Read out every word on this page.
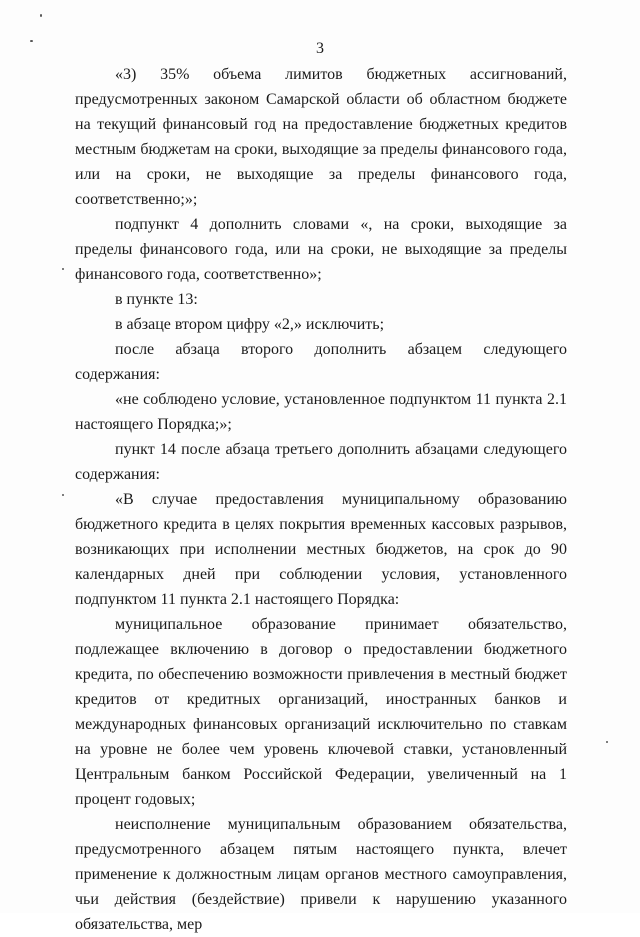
3

«3) 35% объема лимитов бюджетных ассигнований, предусмотренных законом Самарской области об областном бюджете на текущий финансовый год на предоставление бюджетных кредитов местным бюджетам на сроки, выходящие за пределы финансового года, или на сроки, не выходящие за пределы финансового года, соответственно;»;

подпункт 4 дополнить словами «, на сроки, выходящие за пределы финансового года, или на сроки, не выходящие за пределы финансового года, соответственно»;

в пункте 13:

в абзаце втором цифру «2,» исключить;

после абзаца второго дополнить абзацем следующего содержания:

«не соблюдено условие, установленное подпунктом 11 пункта 2.1 настоящего Порядка;»;

пункт 14 после абзаца третьего дополнить абзацами следующего содержания:

«В случае предоставления муниципальному образованию бюджетного кредита в целях покрытия временных кассовых разрывов, возникающих при исполнении местных бюджетов, на срок до 90 календарных дней при соблюдении условия, установленного подпунктом 11 пункта 2.1 настоящего Порядка:

муниципальное образование принимает обязательство, подлежащее включению в договор о предоставлении бюджетного кредита, по обеспечению возможности привлечения в местный бюджет кредитов от кредитных организаций, иностранных банков и международных финансовых организаций исключительно по ставкам на уровне не более чем уровень ключевой ставки, установленный Центральным банком Российской Федерации, увеличенный на 1 процент годовых;

неисполнение муниципальным образованием обязательства, предусмотренного абзацем пятым настоящего пункта, влечет применение к должностным лицам органов местного самоуправления, чьи действия (бездействие) привели к нарушению указанного обязательства, мер
